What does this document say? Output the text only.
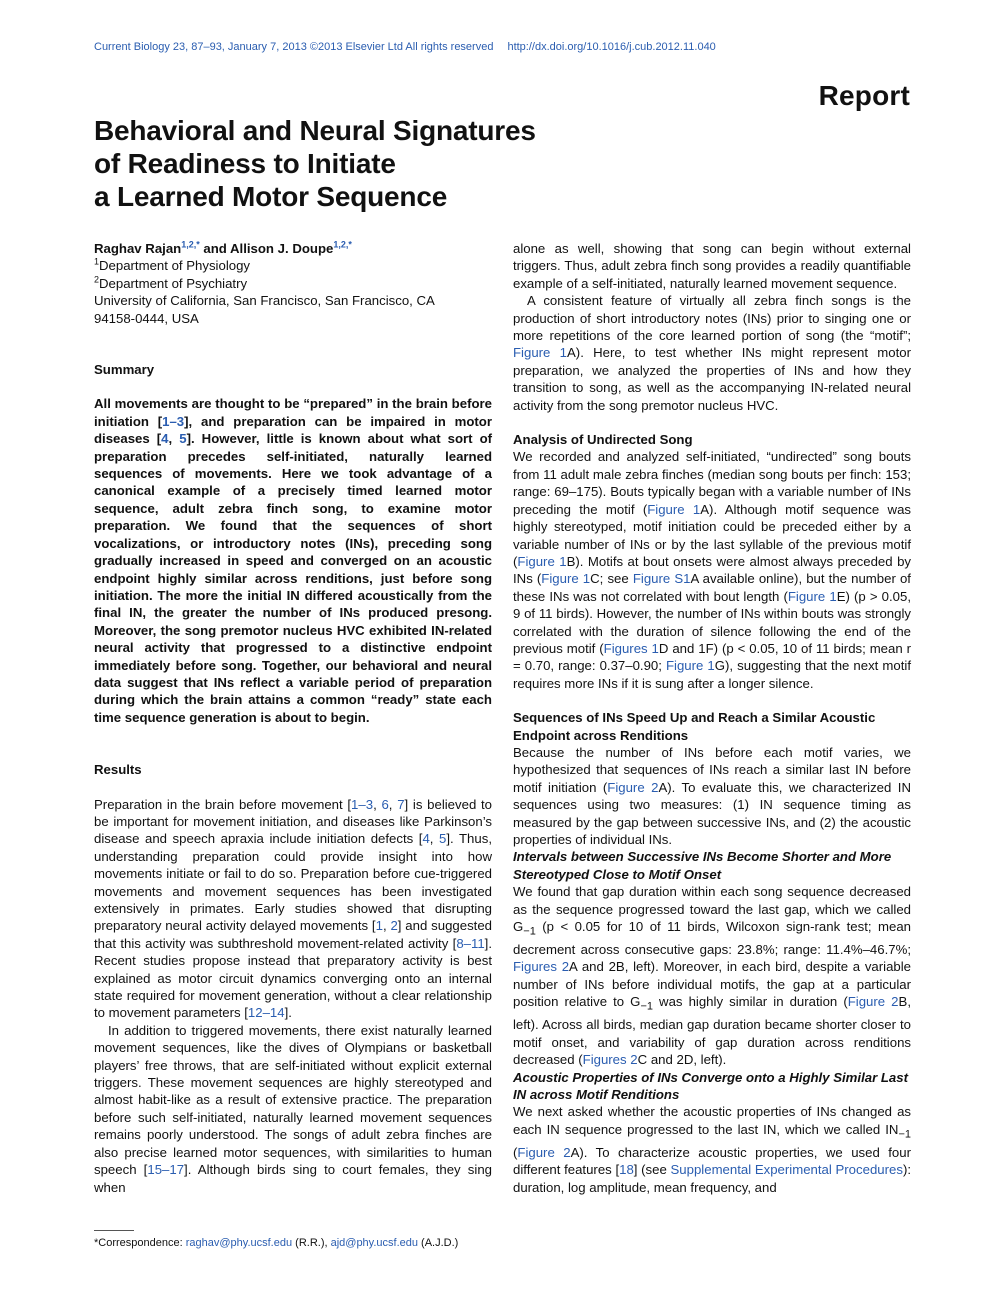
Current Biology 23, 87–93, January 7, 2013 ©2013 Elsevier Ltd All rights reserved http://dx.doi.org/10.1016/j.cub.2012.11.040
Report
Behavioral and Neural Signatures
of Readiness to Initiate
a Learned Motor Sequence
Raghav Rajan$^{1,2,*}$ and Allison J. Doupe$^{1,2,*}$
$^1$Department of Physiology
$^2$Department of Psychiatry
University of California, San Francisco, San Francisco, CA
94158-0444, USA
Summary

All movements are thought to be “prepared” in the brain before initiation [1–3], and preparation can be impaired in motor diseases [4, 5]. However, little is known about what sort of preparation precedes self-initiated, naturally learned sequences of movements. Here we took advantage of a canonical example of a precisely timed learned motor sequence, adult zebra finch song, to examine motor preparation. We found that the sequences of short vocalizations, or introductory notes (INs), preceding song gradually increased in speed and converged on an acoustic endpoint highly similar across renditions, just before song initiation. The more the initial IN differed acoustically from the final IN, the greater the number of INs produced presong. Moreover, the song premotor nucleus HVC exhibited IN-related neural activity that progressed to a distinctive endpoint immediately before song. Together, our behavioral and neural data suggest that INs reflect a variable period of preparation during which the brain attains a common “ready” state each time sequence generation is about to begin.

Results

Preparation in the brain before movement [1–3, 6, 7] is believed to be important for movement initiation, and diseases like Parkinson’s disease and speech apraxia include initiation defects [4, 5]. Thus, understanding preparation could provide insight into how movements initiate or fail to do so. Preparation before cue-triggered movements and movement sequences has been investigated extensively in primates. Early studies showed that disrupting preparatory neural activity delayed movements [1, 2] and suggested that this activity was subthreshold movement-related activity [8–11]. Recent studies propose instead that preparatory activity is best explained as motor circuit dynamics converging onto an internal state required for movement generation, without a clear relationship to movement parameters [12–14].

In addition to triggered movements, there exist naturally learned movement sequences, like the dives of Olympians or basketball players’ free throws, that are self-initiated without explicit external triggers. These movement sequences are highly stereotyped and almost habit-like as a result of extensive practice. The preparation before such self-initiated, naturally learned movement sequences remains poorly understood. The songs of adult zebra finches are also precise learned motor sequences, with similarities to human speech [15–17]. Although birds sing to court females, they sing when

alone as well, showing that song can begin without external triggers. Thus, adult zebra finch song provides a readily quantifiable example of a self-initiated, naturally learned movement sequence.

A consistent feature of virtually all zebra finch songs is the production of short introductory notes (INs) prior to singing one or more repetitions of the core learned portion of song (the “motif”; Figure 1A). Here, to test whether INs might represent motor preparation, we analyzed the properties of INs and how they transition to song, as well as the accompanying IN-related neural activity from the song premotor nucleus HVC.

Analysis of Undirected Song

We recorded and analyzed self-initiated, “undirected” song bouts from 11 adult male zebra finches (median song bouts per finch: 153; range: 69–175). Bouts typically began with a variable number of INs preceding the motif (Figure 1A). Although motif sequence was highly stereotyped, motif initiation could be preceded either by a variable number of INs or by the last syllable of the previous motif (Figure 1B). Motifs at bout onsets were almost always preceded by INs (Figure 1C; see Figure S1A available online), but the number of these INs was not correlated with bout length (Figure 1E) (p > 0.05, 9 of 11 birds). However, the number of INs within bouts was strongly correlated with the duration of silence following the end of the previous motif (Figures 1D and 1F) (p < 0.05, 10 of 11 birds; mean r = 0.70, range: 0.37–0.90; Figure 1G), suggesting that the next motif requires more INs if it is sung after a longer silence.

Sequences of INs Speed Up and Reach a Similar Acoustic Endpoint across Renditions

Because the number of INs before each motif varies, we hypothesized that sequences of INs reach a similar last IN before motif initiation (Figure 2A). To evaluate this, we characterized IN sequences using two measures: (1) IN sequence timing as measured by the gap between successive INs, and (2) the acoustic properties of individual INs.

Intervals between Successive INs Become Shorter and More Stereotyped Close to Motif Onset

We found that gap duration within each song sequence decreased as the sequence progressed toward the last gap, which we called $G_{-1}$ (p < 0.05 for 10 of 11 birds, Wilcoxon sign-rank test; mean decrement across consecutive gaps: 23.8%; range: 11.4%–46.7%; Figures 2A and 2B, left). Moreover, in each bird, despite a variable number of INs before individual motifs, the gap at a particular position relative to $G_{-1}$ was highly similar in duration (Figure 2B, left). Across all birds, median gap duration became shorter closer to motif onset, and variability of gap duration across renditions decreased (Figures 2C and 2D, left).

Acoustic Properties of INs Converge onto a Highly Similar Last IN across Motif Renditions

We next asked whether the acoustic properties of INs changed as each IN sequence progressed to the last IN, which we called $IN_{-1}$ (Figure 2A). To characterize acoustic properties, we used four different features [18] (see Supplemental Experimental Procedures): duration, log amplitude, mean frequency, and

*Correspondence: raghav@phy.ucsf.edu (R.R.), ajd@phy.ucsf.edu (A.J.D.)
